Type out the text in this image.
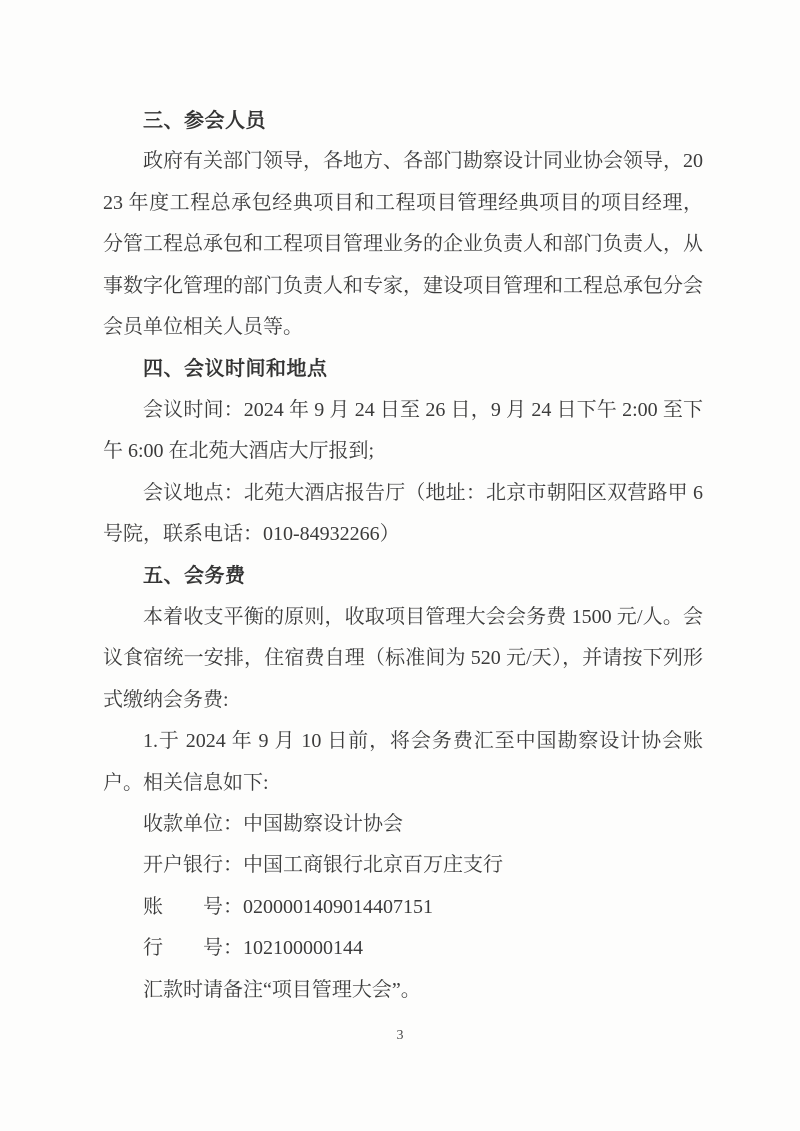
三、参会人员

政府有关部门领导，各地方、各部门勘察设计同业协会领导，2023 年度工程总承包经典项目和工程项目管理经典项目的项目经理，分管工程总承包和工程项目管理业务的企业负责人和部门负责人，从事数字化管理的部门负责人和专家，建设项目管理和工程总承包分会会员单位相关人员等。

四、会议时间和地点

会议时间：2024 年 9 月 24 日至 26 日，9 月 24 日下午 2:00 至下午 6:00 在北苑大酒店大厅报到;

会议地点：北苑大酒店报告厅（地址：北京市朝阳区双营路甲 6 号院，联系电话：010-84932266）

五、会务费

本着收支平衡的原则，收取项目管理大会会务费 1500 元/人。会议食宿统一安排，住宿费自理（标准间为 520 元/天），并请按下列形式缴纳会务费:

1.于 2024 年 9 月 10 日前，将会务费汇至中国勘察设计协会账户。相关信息如下:

收款单位：中国勘察设计协会

开户银行：中国工商银行北京百万庄支行

账　　号：0200001409014407151

行　　号：102100000144

汇款时请备注“项目管理大会”。

3
